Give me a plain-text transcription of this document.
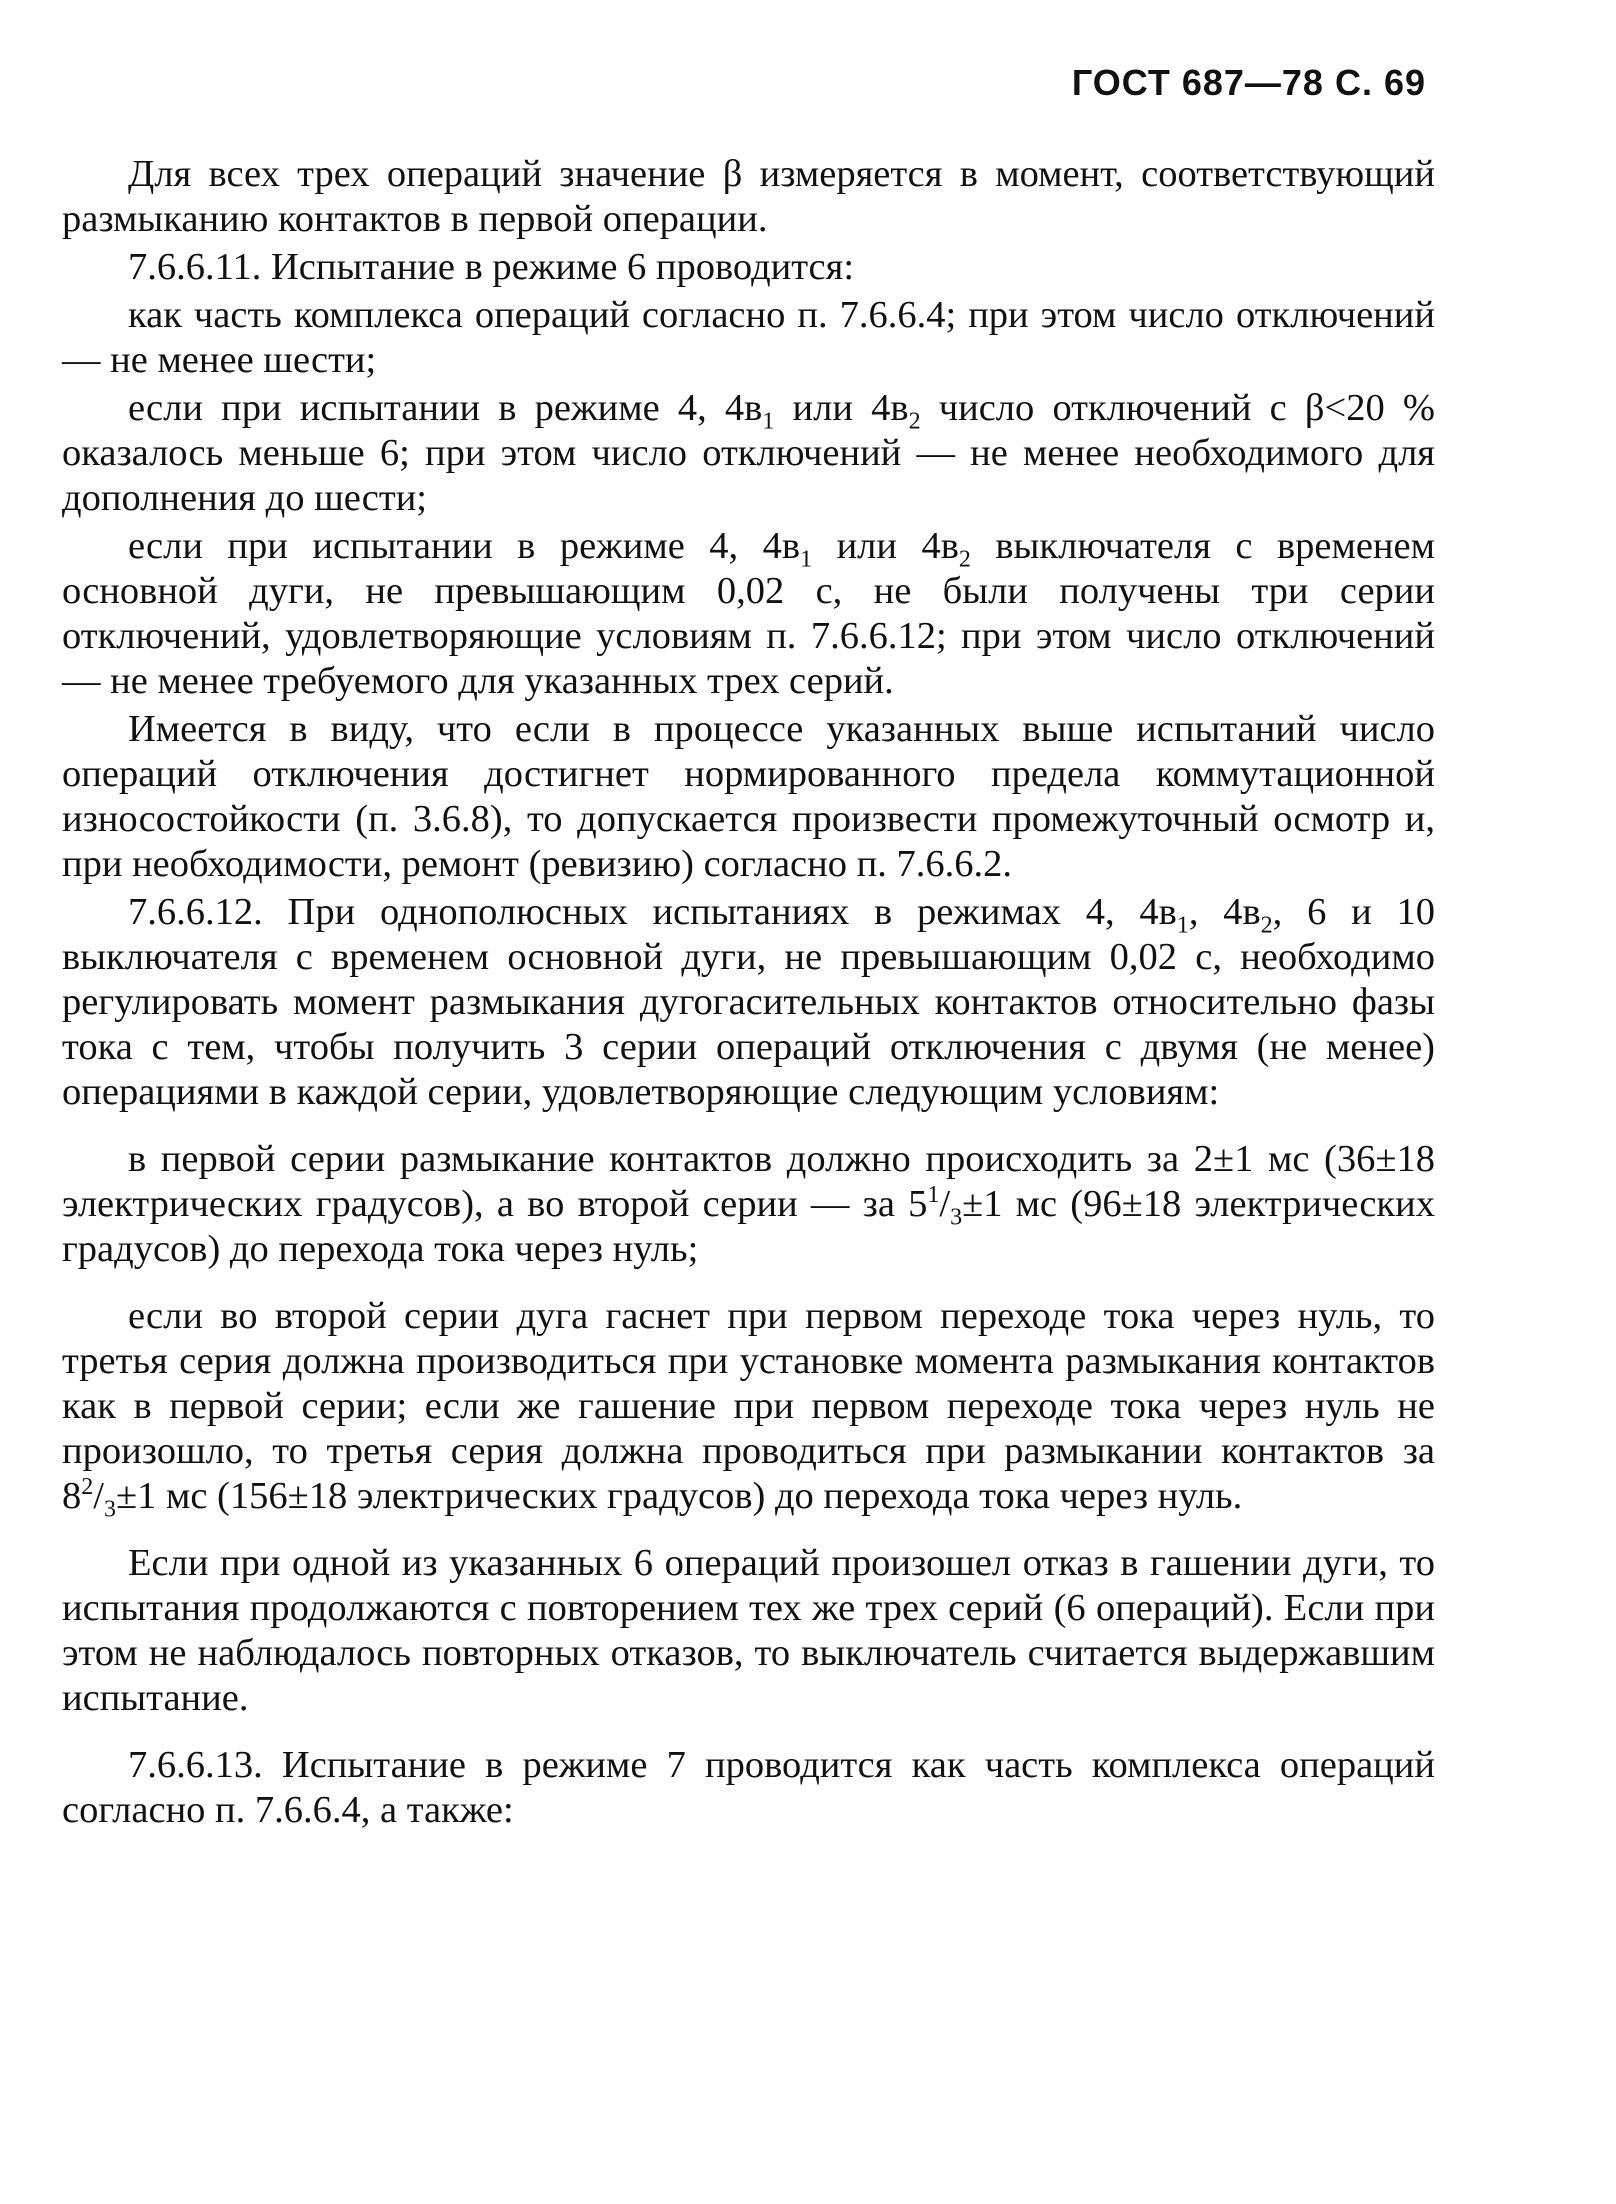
ГОСТ 687—78 С. 69

Для всех трех операций значение β измеряется в момент, соответствующий размыканию контактов в первой операции.

7.6.6.11. Испытание в режиме 6 проводится:

как часть комплекса операций согласно п. 7.6.6.4; при этом число отключений — не менее шести;

если при испытании в режиме 4, $4в_1$ или $4в_2$ число отключений с β<20 % оказалось меньше 6; при этом число отключений — не менее необходимого для дополнения до шести;

если при испытании в режиме 4, $4в_1$ или $4в_2$ выключателя с временем основной дуги, не превышающим 0,02 с, не были получены три серии отключений, удовлетворяющие условиям п. 7.6.6.12; при этом число отключений — не менее требуемого для указанных трех серий.

Имеется в виду, что если в процессе указанных выше испытаний число операций отключения достигнет нормированного предела коммутационной износостойкости (п. 3.6.8), то допускается произвести промежуточный осмотр и, при необходимости, ремонт (ревизию) согласно п. 7.6.6.2.

7.6.6.12. При однополюсных испытаниях в режимах 4, $4в_1$, $4в_2$, 6 и 10 выключателя с временем основной дуги, не превышающим 0,02 с, необходимо регулировать момент размыкания дугогасительных контактов относительно фазы тока с тем, чтобы получить 3 серии операций отключения с двумя (не менее) операциями в каждой серии, удовлетворяющие следующим условиям:

в первой серии размыкание контактов должно происходить за 2±1 мс (36±18 электрических градусов), а во второй серии — за $5^1/_3\pm 1$ мс (96±18 электрических градусов) до перехода тока через нуль;

если во второй серии дуга гаснет при первом переходе тока через нуль, то третья серия должна производиться при установке момента размыкания контактов как в первой серии; если же гашение при первом переходе тока через нуль не произошло, то третья серия должна проводиться при размыкании контактов за $8^2/_3\pm 1$ мс (156±18 электрических градусов) до перехода тока через нуль.

Если при одной из указанных 6 операций произошел отказ в гашении дуги, то испытания продолжаются с повторением тех же трех серий (6 операций). Если при этом не наблюдалось повторных отказов, то выключатель считается выдержавшим испытание.

7.6.6.13. Испытание в режиме 7 проводится как часть комплекса операций согласно п. 7.6.6.4, а также:
